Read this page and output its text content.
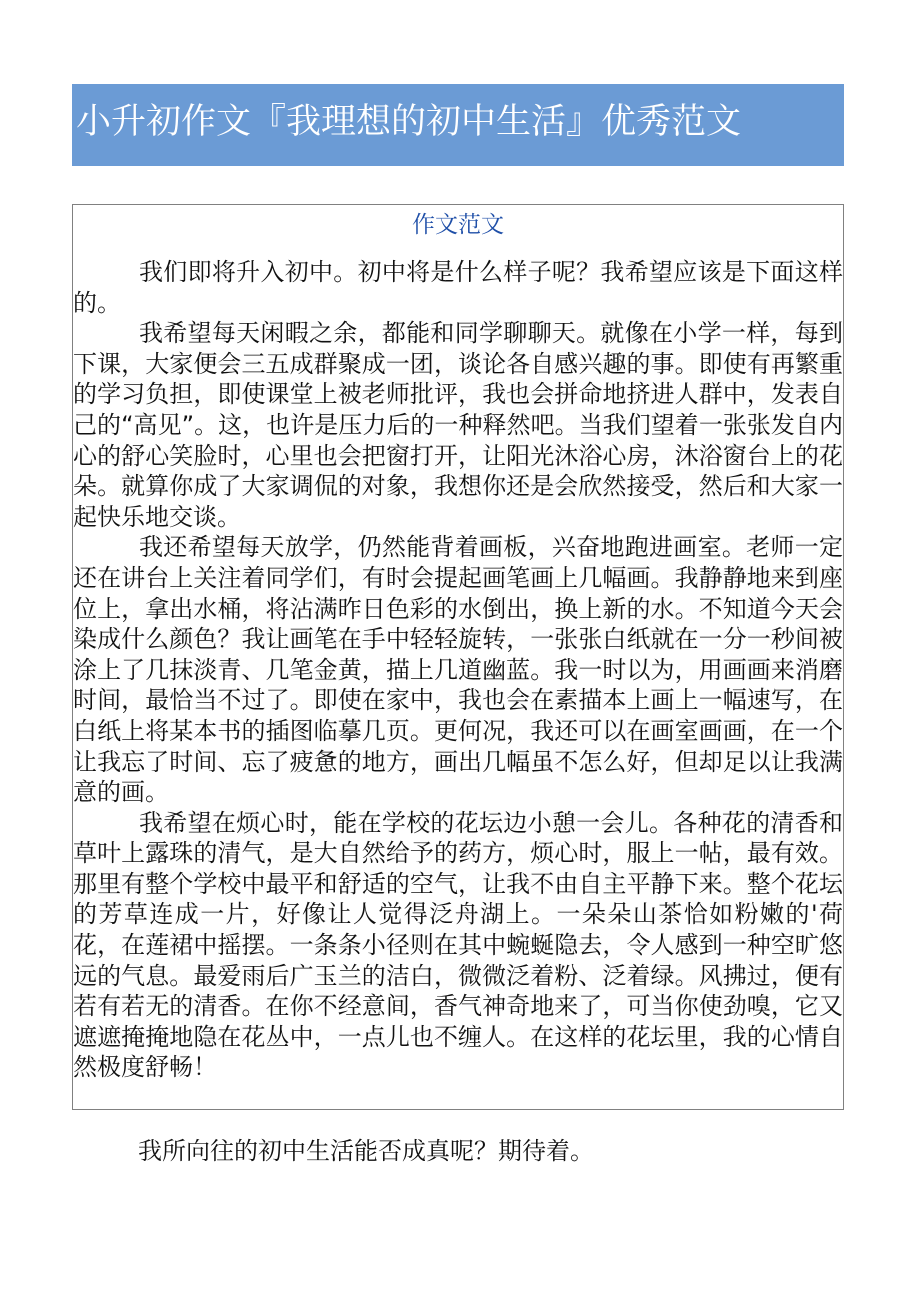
小升初作文『我理想的初中生活』优秀范文
作文范文

我们即将升入初中。初中将是什么样子呢？我希望应该是下面这样的。

我希望每天闲暇之余，都能和同学聊聊天。就像在小学一样，每到下课，大家便会三五成群聚成一团，谈论各自感兴趣的事。即使有再繁重的学习负担，即使课堂上被老师批评，我也会拼命地挤进人群中，发表自己的“高见”。这，也许是压力后的一种释然吧。当我们望着一张张发自内心的舒心笑脸时，心里也会把窗打开，让阳光沐浴心房，沐浴窗台上的花朵。就算你成了大家调侃的对象，我想你还是会欣然接受，然后和大家一起快乐地交谈。

我还希望每天放学，仍然能背着画板，兴奋地跑进画室。老师一定还在讲台上关注着同学们，有时会提起画笔画上几幅画。我静静地来到座位上，拿出水桶，将沾满昨日色彩的水倒出，换上新的水。不知道今天会染成什么颜色？我让画笔在手中轻轻旋转，一张张白纸就在一分一秒间被涂上了几抹淡青、几笔金黄，描上几道幽蓝。我一时以为，用画画来消磨时间，最恰当不过了。即使在家中，我也会在素描本上画上一幅速写，在白纸上将某本书的插图临摹几页。更何况，我还可以在画室画画，在一个让我忘了时间、忘了疲惫的地方，画出几幅虽不怎么好，但却足以让我满意的画。

我希望在烦心时，能在学校的花坛边小憩一会儿。各种花的清香和草叶上露珠的清气，是大自然给予的药方，烦心时，服上一帖，最有效。那里有整个学校中最平和舒适的空气，让我不由自主平静下来。整个花坛的芳草连成一片，好像让人觉得泛舟湖上。一朵朵山茶恰如粉嫩的'荷花，在莲裙中摇摆。一条条小径则在其中蜿蜒隐去，令人感到一种空旷悠远的气息。最爱雨后广玉兰的洁白，微微泛着粉、泛着绿。风拂过，便有若有若无的清香。在你不经意间，香气神奇地来了，可当你使劲嗅，它又遮遮掩掩地隐在花丛中，一点儿也不缠人。在这样的花坛里，我的心情自然极度舒畅！

我所向往的初中生活能否成真呢？期待着。
